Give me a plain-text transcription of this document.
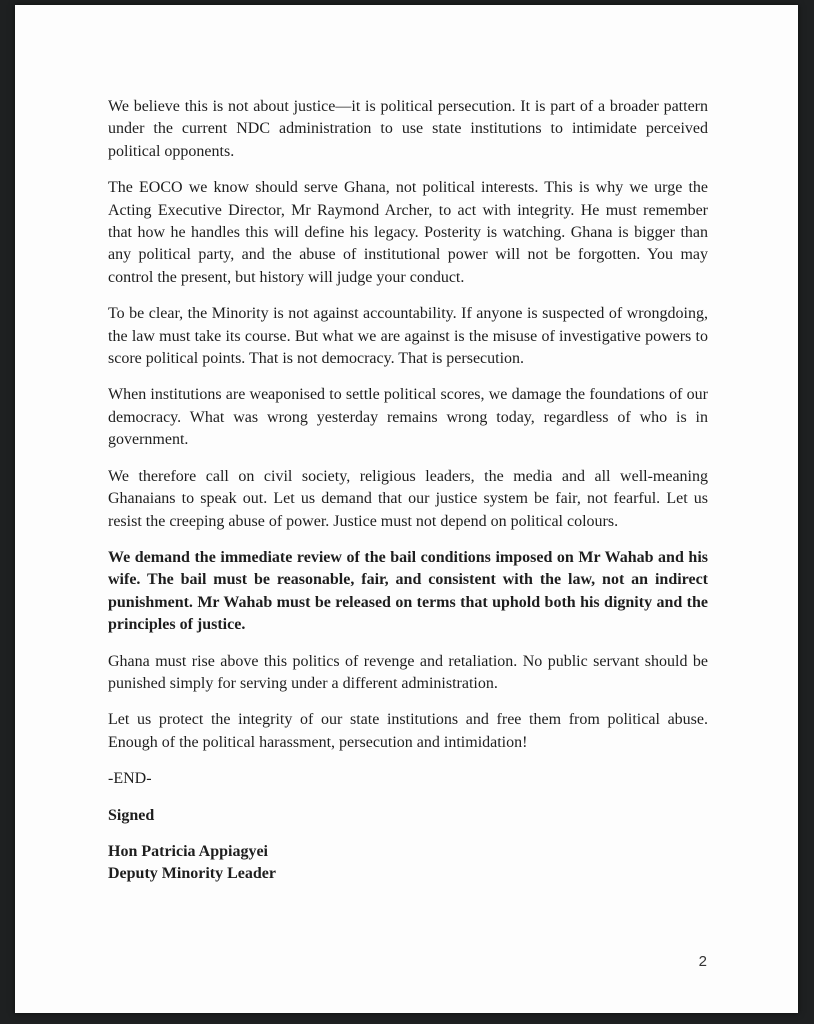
We believe this is not about justice—it is political persecution. It is part of a broader pattern under the current NDC administration to use state institutions to intimidate perceived political opponents.

The EOCO we know should serve Ghana, not political interests. This is why we urge the Acting Executive Director, Mr Raymond Archer, to act with integrity. He must remember that how he handles this will define his legacy. Posterity is watching. Ghana is bigger than any political party, and the abuse of institutional power will not be forgotten. You may control the present, but history will judge your conduct.

To be clear, the Minority is not against accountability. If anyone is suspected of wrongdoing, the law must take its course. But what we are against is the misuse of investigative powers to score political points. That is not democracy. That is persecution.

When institutions are weaponised to settle political scores, we damage the foundations of our democracy. What was wrong yesterday remains wrong today, regardless of who is in government.

We therefore call on civil society, religious leaders, the media and all well-meaning Ghanaians to speak out. Let us demand that our justice system be fair, not fearful. Let us resist the creeping abuse of power. Justice must not depend on political colours.

We demand the immediate review of the bail conditions imposed on Mr Wahab and his wife. The bail must be reasonable, fair, and consistent with the law, not an indirect punishment. Mr Wahab must be released on terms that uphold both his dignity and the principles of justice.

Ghana must rise above this politics of revenge and retaliation. No public servant should be punished simply for serving under a different administration.

Let us protect the integrity of our state institutions and free them from political abuse. Enough of the political harassment, persecution and intimidation!

-END-

Signed

Hon Patricia Appiagyei
Deputy Minority Leader
2
